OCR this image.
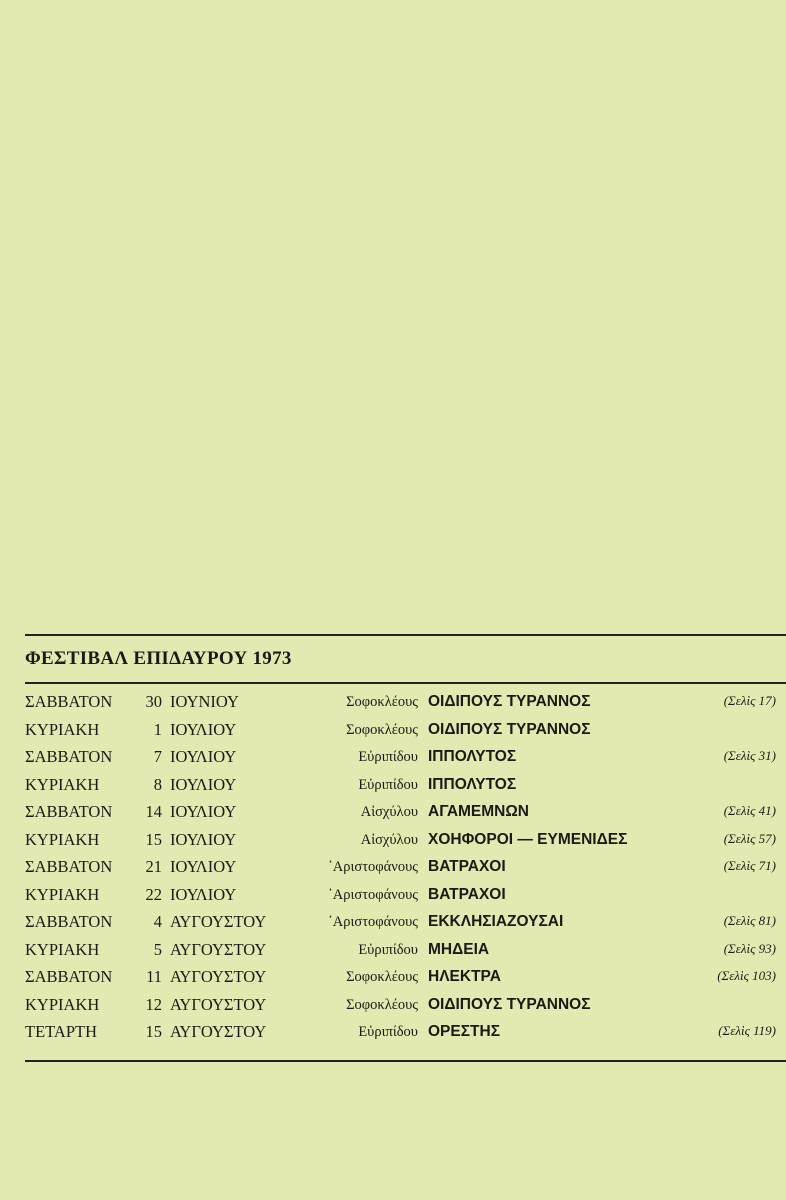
ΦΕΣΤΙΒΑΛ ΕΠΙΔΑΥΡΟΥ 1973
ΣΑΒΒΑΤΟΝ	30 ΙΟΥΝΙΟΥ	Σοφοκλέους ΟΙΔΙΠΟΥΣ ΤΥΡΑΝΝΟΣ	(Σελὶς 17)
ΚΥΡΙΑΚΗ	1 ΙΟΥΛΙΟΥ	Σοφοκλέους ΟΙΔΙΠΟΥΣ ΤΥΡΑΝΝΟΣ
ΣΑΒΒΑΤΟΝ	7 ΙΟΥΛΙΟΥ	Εὐριπίδου ΙΠΠΟΛΥΤΟΣ	(Σελὶς 31)
ΚΥΡΙΑΚΗ	8 ΙΟΥΛΙΟΥ	Εὐριπίδου ΙΠΠΟΛΥΤΟΣ
ΣΑΒΒΑΤΟΝ	14 ΙΟΥΛΙΟΥ	Αἰσχύλου ΑΓΑΜΕΜΝΩΝ	(Σελὶς 41)
ΚΥΡΙΑΚΗ	15 ΙΟΥΛΙΟΥ	Αἰσχύλου ΧΟΗΦΟΡΟΙ — ΕΥΜΕΝΙΔΕΣ	(Σελὶς 57)
ΣΑΒΒΑΤΟΝ	21 ΙΟΥΛΙΟΥ	᾿Αριστοφάνους ΒΑΤΡΑΧΟΙ	(Σελὶς 71)
ΚΥΡΙΑΚΗ	22 ΙΟΥΛΙΟΥ	᾿Αριστοφάνους ΒΑΤΡΑΧΟΙ
ΣΑΒΒΑΤΟΝ	4 ΑΥΓΟΥΣΤΟΥ	᾿Αριστοφάνους ΕΚΚΛΗΣΙΑΖΟΥΣΑΙ	(Σελὶς 81)
ΚΥΡΙΑΚΗ	5 ΑΥΓΟΥΣΤΟΥ	Εὐριπίδου ΜΗΔΕΙΑ	(Σελὶς 93)
ΣΑΒΒΑΤΟΝ	11 ΑΥΓΟΥΣΤΟΥ	Σοφοκλέους ΗΛΕΚΤΡΑ	(Σελὶς 103)
ΚΥΡΙΑΚΗ	12 ΑΥΓΟΥΣΤΟΥ	Σοφοκλέους ΟΙΔΙΠΟΥΣ ΤΥΡΑΝΝΟΣ
ΤΕΤΑΡΤΗ	15 ΑΥΓΟΥΣΤΟΥ	Εὐριπίδου ΟΡΕΣΤΗΣ	(Σελὶς 119)
